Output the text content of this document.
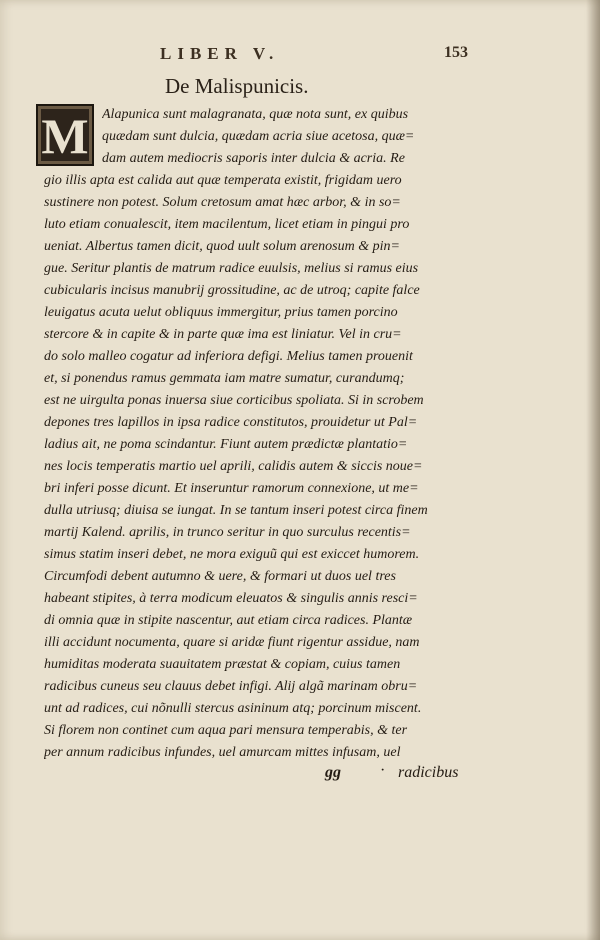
LIBER V.	153
De Malispunicis.
M Alapunica sunt malagranata, quæ nota sunt, ex quibus
quædam sunt dulcia, quædam acria siue acetosa, quæ=
dam autem mediocris saporis inter dulcia & acria. Re
gio illis apta est calida aut quæ temperata existit, frigidam uero
sustinere non potest. Solum cretosum amat hæc arbor, & in so=
luto etiam conualescit, item macilentum, licet etiam in pingui pro
ueniat. Albertus tamen dicit, quod uult solum arenosum & pin=
gue. Seritur plantis de matrum radice euulsis, melius si ramus eius
cubicularis incisus manubrij grossitudine, ac de utroq; capite falce
leuigatus acuta uelut obliquus immergitur, prius tamen porcino
stercore & in capite & in parte quæ ima est liniatur. Vel in cru=
do solo malleo cogatur ad inferiora defigi. Melius tamen prouenit
et, si ponendus ramus gemmata iam matre sumatur, curandumq;
est ne uirgulta ponas inuersa siue corticibus spoliata. Si in scrobem
depones tres lapillos in ipsa radice constitutos, prouidetur ut Pal=
ladius ait, ne poma scindantur. Fiunt autem prædictæ plantatio=
nes locis temperatis martio uel aprili, calidis autem & siccis noue=
bri inferi posse dicunt. Et inseruntur ramorum connexione, ut me=
dulla utriusq; diuisa se iungat. In se tantum inseri potest circa finem
martij Kalend. aprilis, in trunco seritur in quo surculus recentis=
simus statim inseri debet, ne mora exiguũ qui est exiccet humorem.
Circumfodi debent autumno & uere, & formari ut duos uel tres
habeant stipites, à terra modicum eleuatos & singulis annis resci=
di omnia quæ in stipite nascentur, aut etiam circa radices. Plantæ
illi accidunt nocumenta, quare si aridæ fiunt rigentur assidue, nam
humiditas moderata suauitatem præstat & copiam, cuius tamen
radicibus cuneus seu clauus debet infigi. Alij algã marinam obru=
unt ad radices, cui nõnulli stercus asininum atq; porcinum miscent.
Si florem non continet cum aqua pari mensura temperabis, & ter
per annum radicibus infundes, uel amurcam mittes infusam, uel
gg · radicibus
